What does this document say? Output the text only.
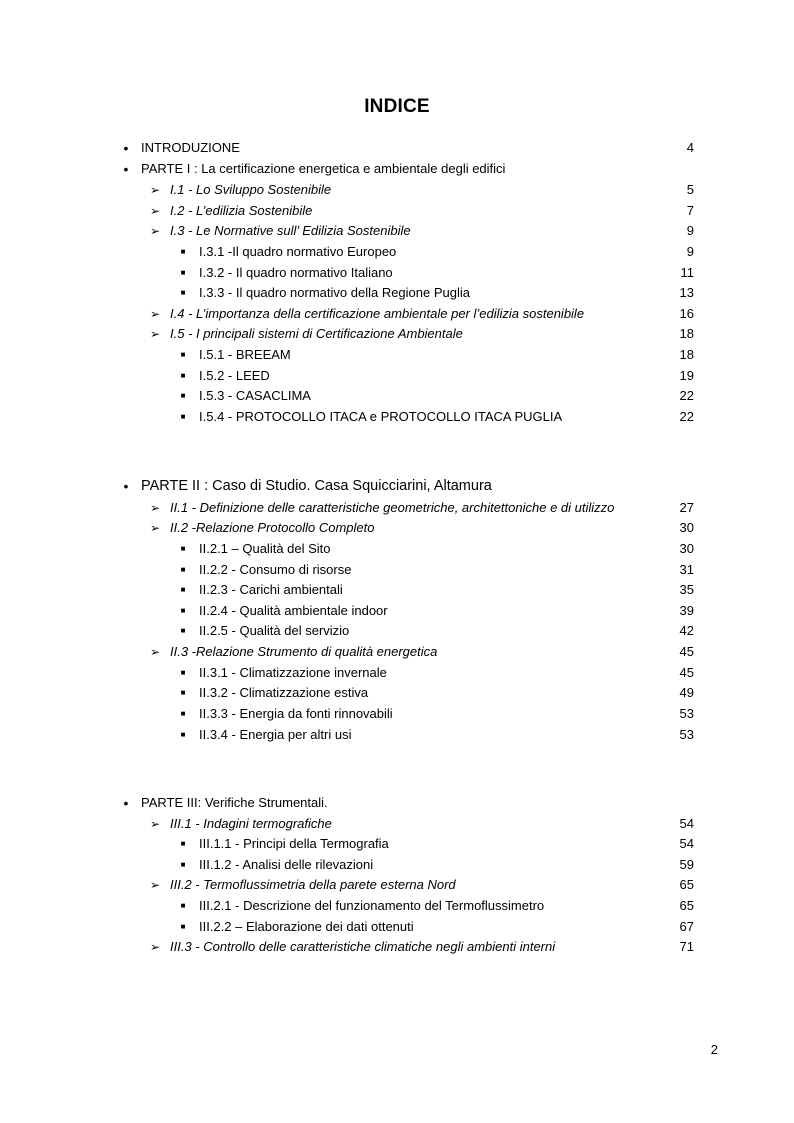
INDICE
• INTRODUZIONE	4
• PARTE I : La certificazione energetica e ambientale degli edifici
➢ I.1 - Lo Sviluppo Sostenibile	5
➢ I.2 - L’edilizia Sostenibile	7
➢ I.3 - Le Normative sull’ Edilizia Sostenibile	9
■	I.3.1 -Il quadro normativo Europeo	9
■	I.3.2 - Il quadro normativo Italiano	11
■	I.3.3 - Il quadro normativo della Regione Puglia	13
➢ I.4 - L’importanza della certificazione ambientale per l’edilizia sostenibile	16
➢ I.5 - I principali sistemi di Certificazione Ambientale	18
■	I.5.1 - BREEAM	18
■	I.5.2 - LEED	19
■	I.5.3 - CASACLIMA	22
■	I.5.4 - PROTOCOLLO ITACA e PROTOCOLLO ITACA PUGLIA	22
• PARTE II : Caso di Studio. Casa Squicciarini, Altamura
➢ II.1 - Definizione delle caratteristiche geometriche, architettoniche e di utilizzo	27
➢ II.2 -Relazione Protocollo Completo	30
■	II.2.1 – Qualità del Sito	30
■	II.2.2 - Consumo di risorse	31
■	II.2.3 - Carichi ambientali	35
■	II.2.4 - Qualità ambientale indoor	39
■	II.2.5 - Qualità del servizio	42
➢ II.3 -Relazione Strumento di qualità energetica	45
■	II.3.1 - Climatizzazione invernale	45
■	II.3.2 - Climatizzazione estiva	49
■	II.3.3 - Energia da fonti rinnovabili	53
■	II.3.4 - Energia per altri usi	53
• PARTE III: Verifiche Strumentali.
➢ III.1 - Indagini termografiche	54
■	III.1.1 - Principi della Termografia	54
■	III.1.2 - Analisi delle rilevazioni	59
➢ III.2 - Termoflussimetria della parete esterna Nord	65
■	III.2.1 - Descrizione del funzionamento del Termoflussimetro	65
■	III.2.2 – Elaborazione dei dati ottenuti	67
➢ III.3 - Controllo delle caratteristiche climatiche negli ambienti interni	71
2
